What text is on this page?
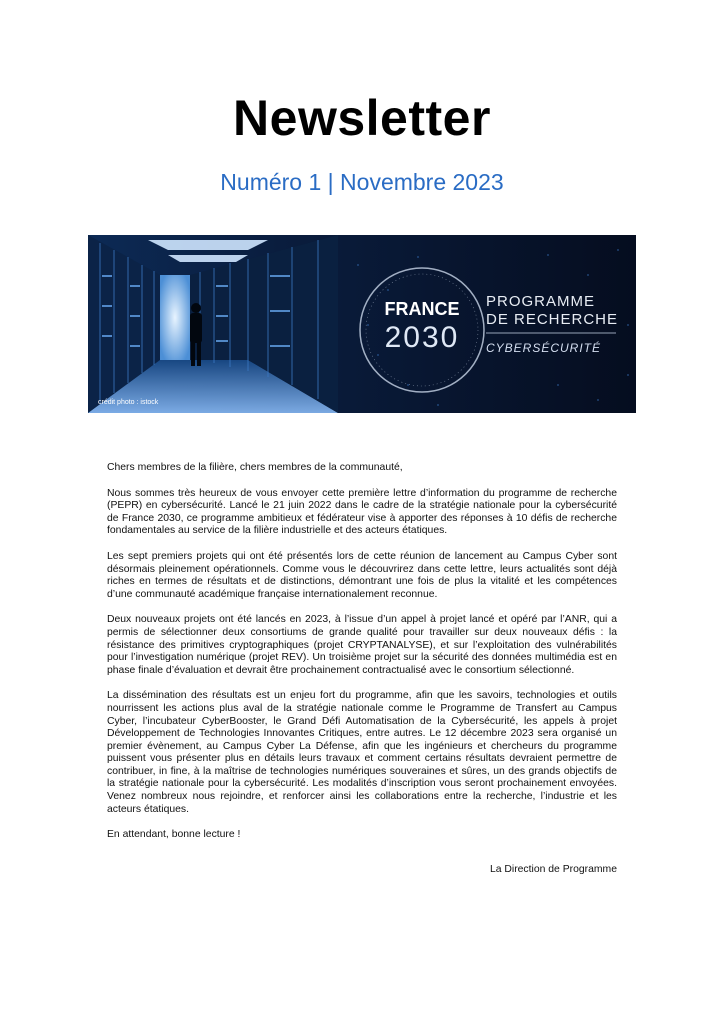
Newsletter
Numéro 1 | Novembre 2023
FRANCE
2030
PROGRAMME
DE RECHERCHE
CYBERSÉCURITÉ
crédit photo : istock

Chers membres de la filière, chers membres de la communauté,

Nous sommes très heureux de vous envoyer cette première lettre d’information du programme de recherche (PEPR) en cybersécurité. Lancé le 21 juin 2022 dans le cadre de la stratégie nationale pour la cybersécurité de France 2030, ce programme ambitieux et fédérateur vise à apporter des réponses à 10 défis de recherche fondamentales au service de la filière industrielle et des acteurs étatiques.

Les sept premiers projets qui ont été présentés lors de cette réunion de lancement au Campus Cyber sont désormais pleinement opérationnels. Comme vous le découvrirez dans cette lettre, leurs actualités sont déjà riches en termes de résultats et de distinctions, démontrant une fois de plus la vitalité et les compétences d’une communauté académique française internationalement reconnue.

Deux nouveaux projets ont été lancés en 2023, à l’issue d’un appel à projet lancé et opéré par l’ANR, qui a permis de sélectionner deux consortiums de grande qualité pour travailler sur deux nouveaux défis : la résistance des primitives cryptographiques (projet CRYPTANALYSE), et sur l’exploitation des vulnérabilités pour l’investigation numérique (projet REV). Un troisième projet sur la sécurité des données multimédia est en phase finale d’évaluation et devrait être prochainement contractualisé avec le consortium sélectionné.

La dissémination des résultats est un enjeu fort du programme, afin que les savoirs, technologies et outils nourrissent les actions plus aval de la stratégie nationale comme le Programme de Transfert au Campus Cyber, l’incubateur CyberBooster, le Grand Défi Automatisation de la Cybersécurité, les appels à projet Développement de Technologies Innovantes Critiques, entre autres. Le 12 décembre 2023 sera organisé un premier évènement, au Campus Cyber La Défense, afin que les ingénieurs et chercheurs du programme puissent vous présenter plus en détails leurs travaux et comment certains résultats devraient permettre de contribuer, in fine, à la maîtrise de technologies numériques souveraines et sûres, un des grands objectifs de la stratégie nationale pour la cybersécurité. Les modalités d’inscription vous seront prochainement envoyées. Venez nombreux nous rejoindre, et renforcer ainsi les collaborations entre la recherche, l’industrie et les acteurs étatiques.

En attendant, bonne lecture !

La Direction de Programme
